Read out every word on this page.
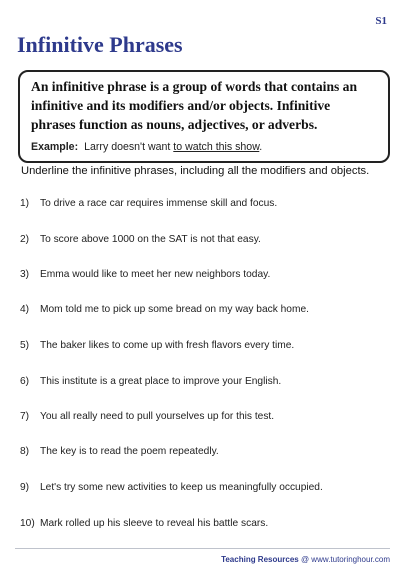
S1
Infinitive Phrases

An infinitive phrase is a group of words that contains an infinitive and its modifiers and/or objects. Infinitive phrases function as nouns, adjectives, or adverbs.

Example: Larry doesn't want to watch this show.

Underline the infinitive phrases, including all the modifiers and objects.

1) To drive a race car requires immense skill and focus.
2) To score above 1000 on the SAT is not that easy.
3) Emma would like to meet her new neighbors today.
4) Mom told me to pick up some bread on my way back home.
5) The baker likes to come up with fresh flavors every time.
6) This institute is a great place to improve your English.
7) You all really need to pull yourselves up for this test.
8) The key is to read the poem repeatedly.
9) Let's try some new activities to keep us meaningfully occupied.
10) Mark rolled up his sleeve to reveal his battle scars.
Teaching Resources @ www.tutoringhour.com
